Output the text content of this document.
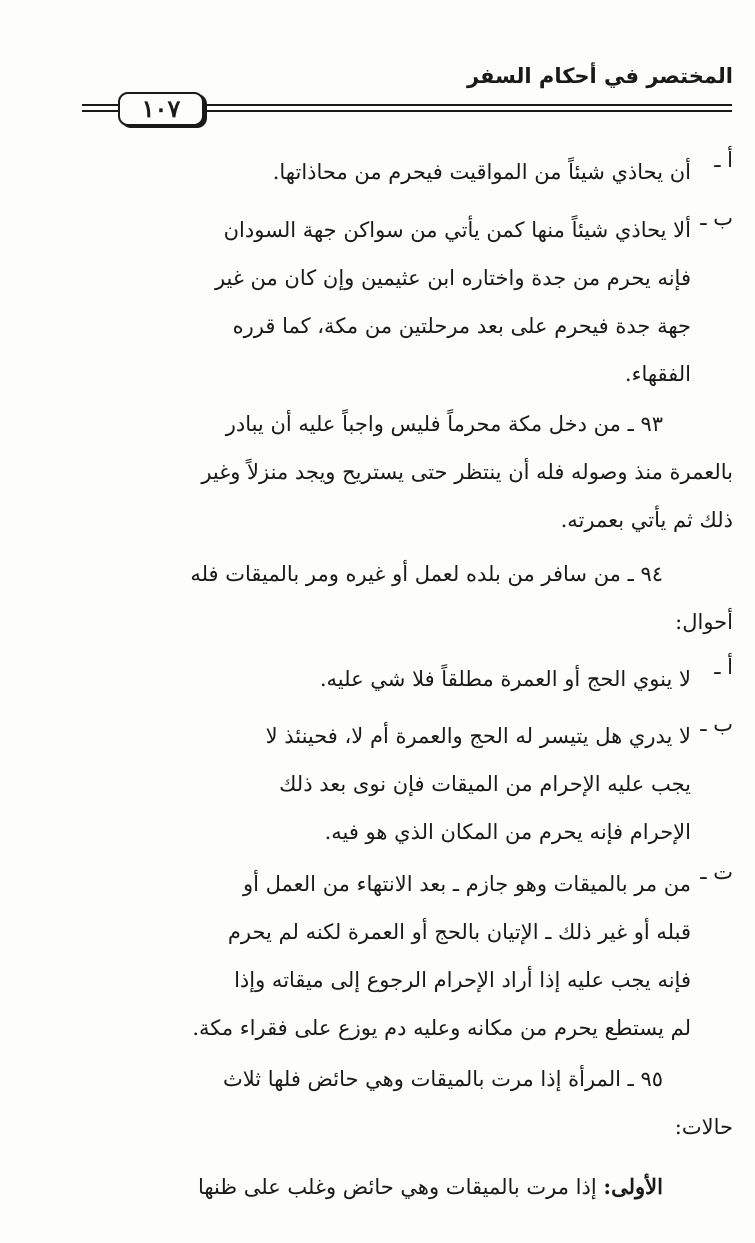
المختصر في أحكام السفر
١٠٧
أ ـ
أن يحاذي شيئاً من المواقيت فيحرم من محاذاتها.
ب ـ
ألا يحاذي شيئاً منها كمن يأتي من سواكن جهة السودان
فإنه يحرم من جدة واختاره ابن عثيمين وإن كان من غير
جهة جدة فيحرم على بعد مرحلتين من مكة، كما قرره
الفقهاء.
٩٣ ـ من دخل مكة محرماً فليس واجباً عليه أن يبادر
بالعمرة منذ وصوله فله أن ينتظر حتى يستريح ويجد منزلاً وغير
ذلك ثم يأتي بعمرته.
٩٤ ـ من سافر من بلده لعمل أو غيره ومر بالميقات فله
أحوال:
أ ـ
لا ينوي الحج أو العمرة مطلقاً فلا شي عليه.
ب ـ
لا يدري هل يتيسر له الحج والعمرة أم لا، فحينئذ لا
يجب عليه الإحرام من الميقات فإن نوى بعد ذلك
الإحرام فإنه يحرم من المكان الذي هو فيه.
ت ـ
من مر بالميقات وهو جازم ـ بعد الانتهاء من العمل أو
قبله أو غير ذلك ـ الإتيان بالحج أو العمرة لكنه لم يحرم
فإنه يجب عليه إذا أراد الإحرام الرجوع إلى ميقاته وإذا
لم يستطع يحرم من مكانه وعليه دم يوزع على فقراء مكة.
٩٥ ـ المرأة إذا مرت بالميقات وهي حائض فلها ثلاث
حالات:
الأولى: إذا مرت بالميقات وهي حائض وغلب على ظنها
